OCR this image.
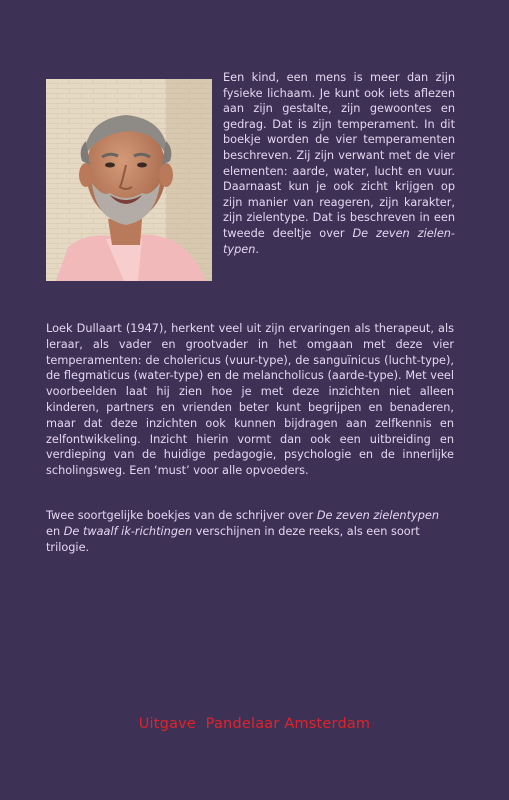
Een kind, een mens is meer dan zijn fysieke lichaam. Je kunt ook iets aflezen aan zijn gestalte, zijn gewoontes en gedrag. Dat is zijn temperament. In dit boekje worden de vier temperamenten beschreven. Zij zijn verwant met de vier elementen: aarde, water, lucht en vuur. Daarnaast kun je ook zicht krijgen op zijn manier van reageren, zijn karakter, zijn zielentype. Dat is beschreven in een tweede deeltje over De zeven zielen-typen.

Loek Dullaart (1947), herkent veel uit zijn ervaringen als therapeut, als leraar, als vader en grootvader in het omgaan met deze vier temperamenten: de cholericus (vuur-type), de sanguïnicus (lucht-type), de flegmaticus (water-type) en de melancholicus (aarde-type). Met veel voorbeelden laat hij zien hoe je met deze inzichten niet alleen kinderen, partners en vrienden beter kunt begrijpen en benaderen, maar dat deze inzichten ook kunnen bijdragen aan zelfkennis en zelfontwikkeling. Inzicht hierin vormt dan ook een uitbreiding en verdieping van de huidige pedagogie, psychologie en de innerlijke scholingsweg. Een ‘must’ voor alle opvoeders.

Twee soortgelijke boekjes van de schrijver over De zeven zielentypen en De twaalf ik-richtingen verschijnen in deze reeks, als een soort trilogie.

Uitgave  Pandelaar Amsterdam
